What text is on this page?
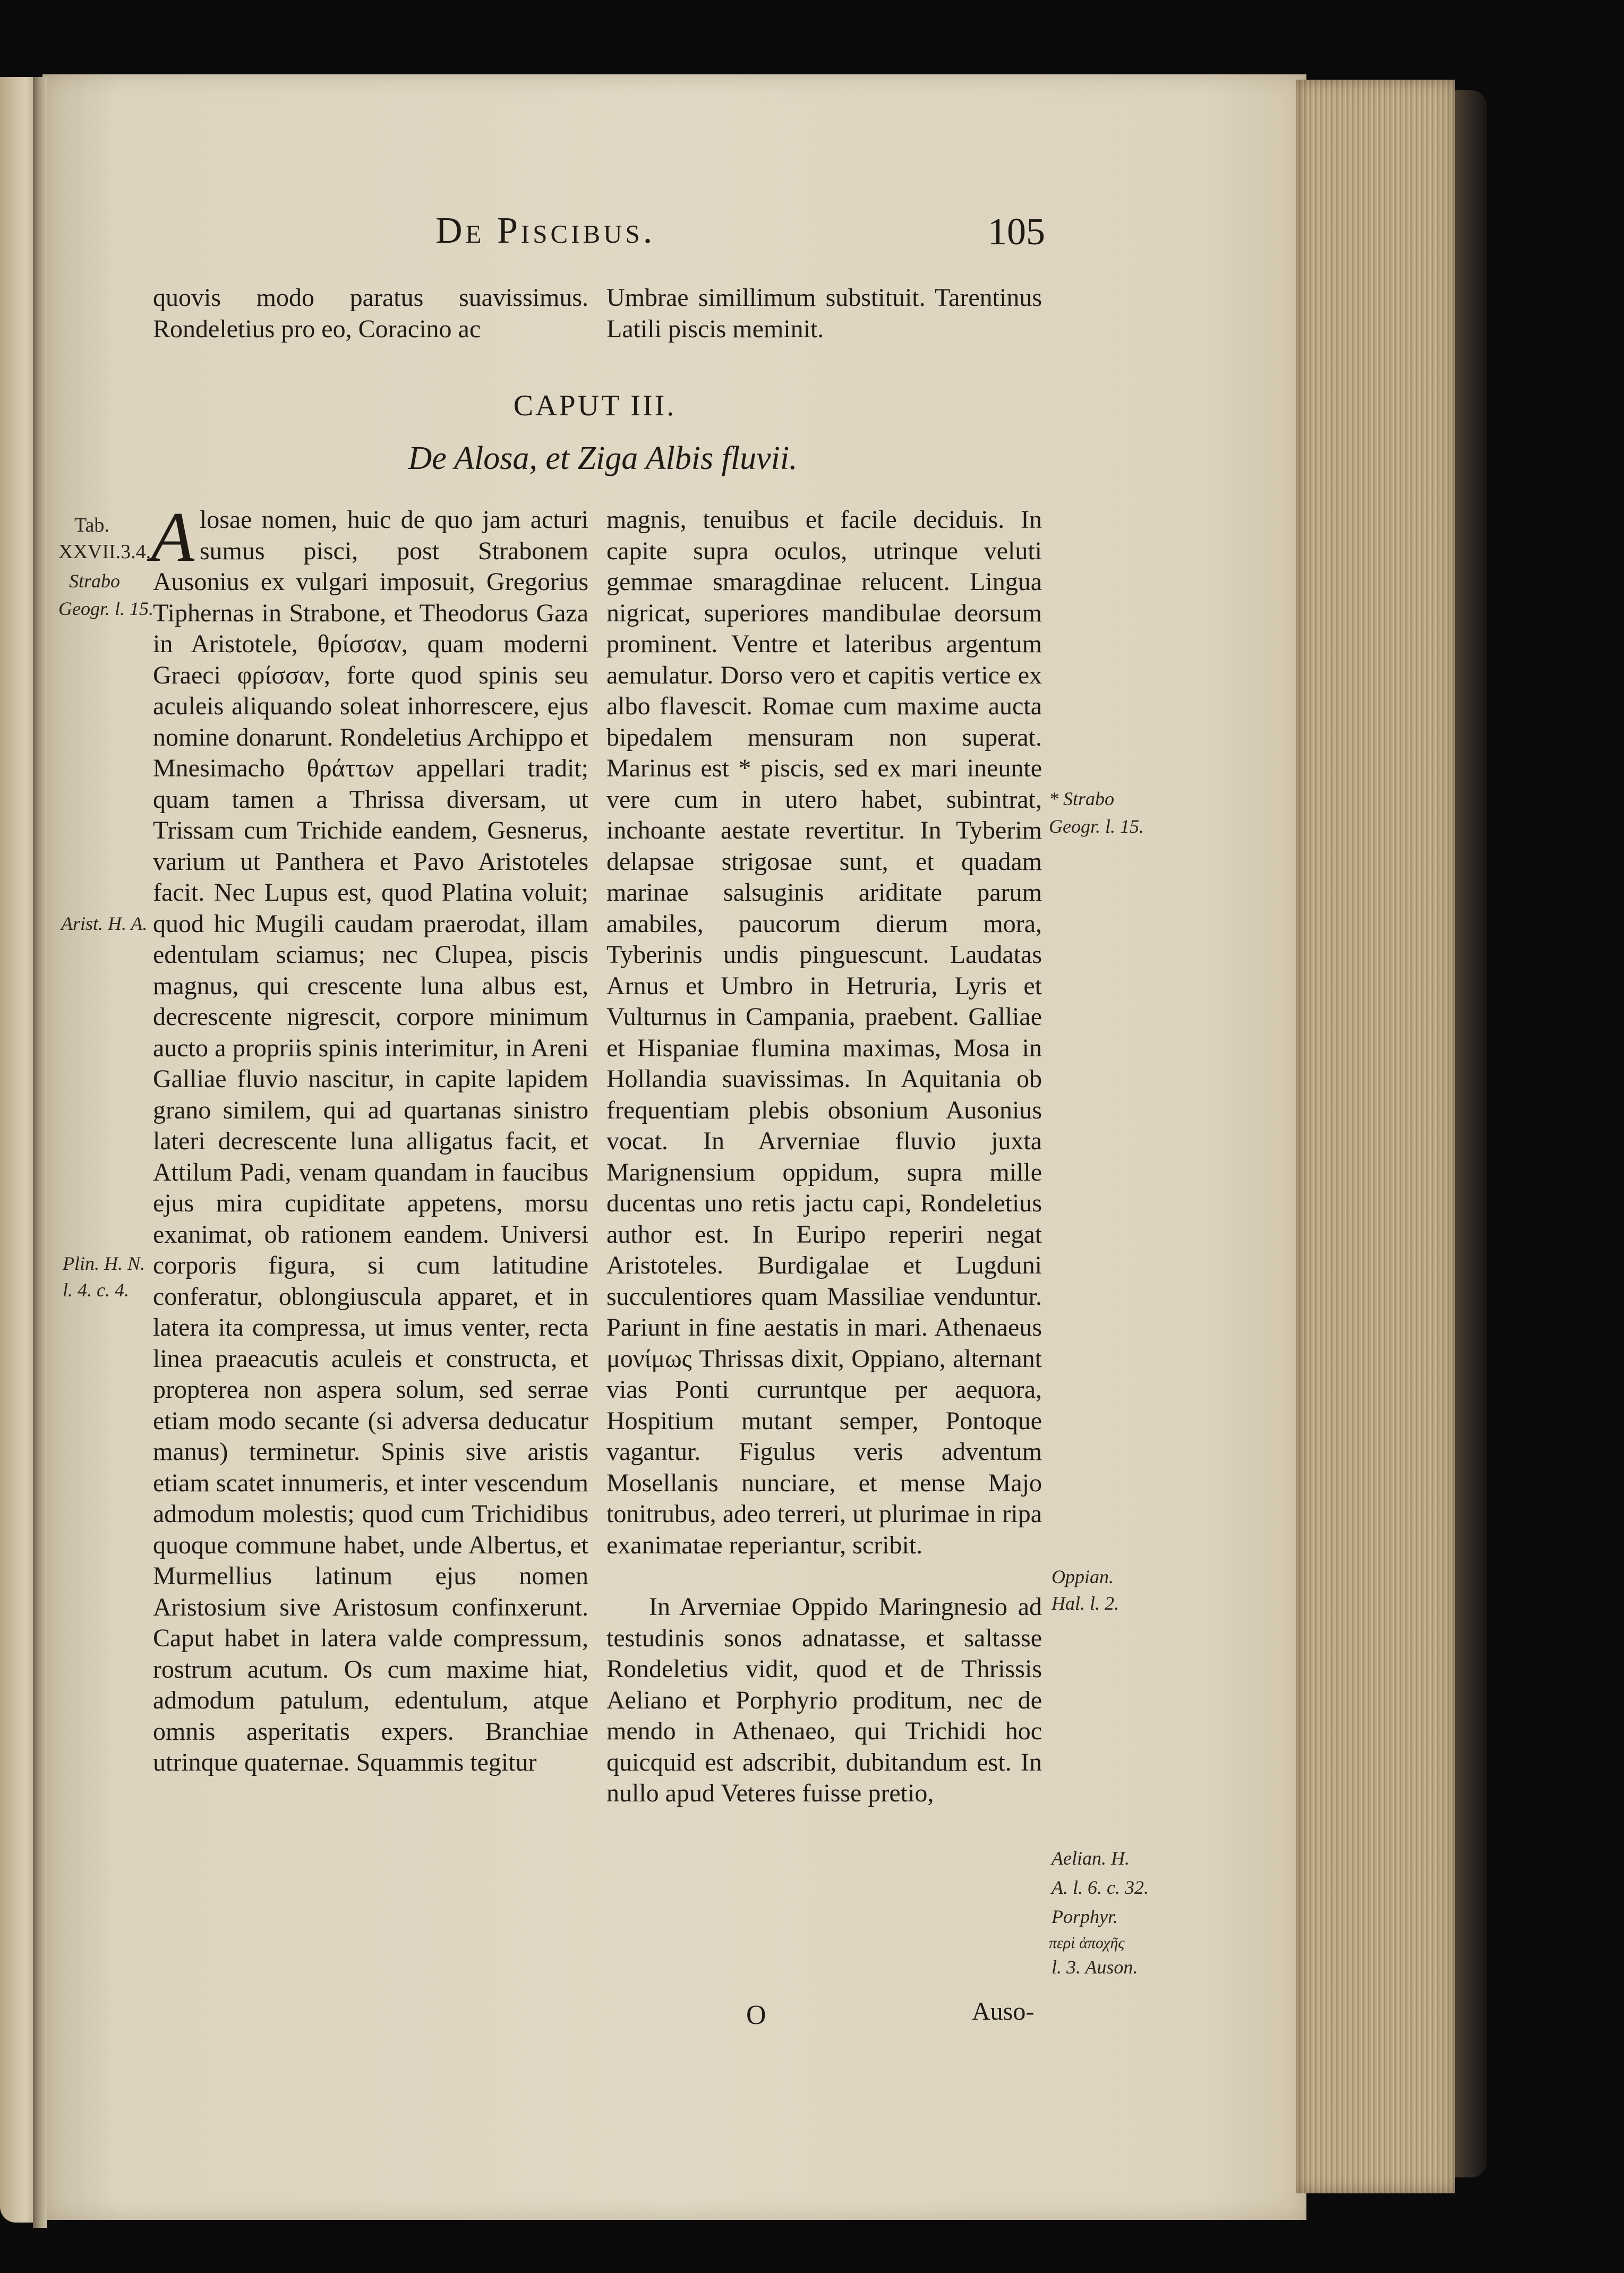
De Piscibus.	105

quovis modo paratus suavissimus. Rondeletius pro eo, Coracino ac

Umbrae simillimum substituit. Tarentinus Latili piscis meminit.

CAPUT III.
De Alosa, et Ziga Albis fluvii.
A losae nomen, huic de quo jam acturi sumus pisci, post Strabonem Ausonius ex vulgari imposuit, Gregorius Tiphernas in Strabone, et Theodorus Gaza in Aristotele, θρίσσαν, quam moderni Graeci φρίσσαν, forte quod spinis seu aculeis aliquando soleat inhorrescere, ejus nomine donarunt. Rondeletius Archippo et Mnesimacho θράττων appellari tradit; quam tamen a Thrissa diversam, ut Trissam cum Trichide eandem, Gesnerus, varium ut Panthera et Pavo Aristoteles facit. Nec Lupus est, quod Platina voluit; quod hic Mugili caudam praerodat, illam edentulam sciamus; nec Clupea, piscis magnus, qui crescente luna albus est, decrescente nigrescit, corpore minimum aucto a propriis spinis interimitur, in Areni Galliae fluvio nascitur, in capite lapidem grano similem, qui ad quartanas sinistro lateri decrescente luna alligatus facit, et Attilum Padi, venam quandam in faucibus ejus mira cupiditate appetens, morsu exanimat, ob rationem eandem. Universi corporis figura, si cum latitudine conferatur, oblongiuscula apparet, et in latera ita compressa, ut imus venter, recta linea praeacutis aculeis et constructa, et propterea non aspera solum, sed serrae etiam modo secante (si adversa deducatur manus) terminetur. Spinis sive aristis etiam scatet innumeris, et inter vescendum admodum molestis; quod cum Trichidibus quoque commune habet, unde Albertus, et Murmellius latinum ejus nomen Aristosium sive Aristosum confinxerunt. Caput habet in latera valde compressum, rostrum acutum. Os cum maxime hiat, admodum patulum, edentulum, atque omnis asperitatis expers. Branchiae utrinque quaternae. Squammis tegitur

magnis, tenuibus et facile deciduis. In capite supra oculos, utrinque veluti gemmae smaragdinae relucent. Lingua nigricat, superiores mandibulae deorsum prominent. Ventre et lateribus argentum aemulatur. Dorso vero et capitis vertice ex albo flavescit. Romae cum maxime aucta bipedalem mensuram non superat. Marinus est * piscis, sed ex mari ineunte vere cum in utero habet, subintrat, inchoante aestate revertitur. In Tyberim delapsae strigosae sunt, et quadam marinae salsuginis ariditate parum amabiles, paucorum dierum mora, Tyberinis undis pinguescunt. Laudatas Arnus et Umbro in Hetruria, Lyris et Vulturnus in Campania, praebent. Galliae et Hispaniae flumina maximas, Mosa in Hollandia suavissimas. In Aquitania ob frequentiam plebis obsonium Ausonius vocat. In Arverniae fluvio juxta Marignensium oppidum, supra mille ducentas uno retis jactu capi, Rondeletius author est. In Euripo reperiri negat Aristoteles. Burdigalae et Lugduni succulentiores quam Massiliae venduntur. Pariunt in fine aestatis in mari. Athenaeus μονίμως Thrissas dixit, Oppiano, alternant vias Ponti curruntque per aequora, Hospitium mutant semper, Pontoque vagantur. Figulus veris adventum Mosellanis nunciare, et mense Majo tonitrubus, adeo terreri, ut plurimae in ripa exanimatae reperiantur, scribit.

In Arverniae Oppido Maringnesio ad testudinis sonos adnatasse, et saltasse Rondeletius vidit, quod et de Thrissis Aeliano et Porphyrio proditum, nec de mendo in Athenaeo, qui Trichidi hoc quicquid est adscribit, dubitandum est. In nullo apud Veteres fuisse pretio,

Tab.
XXVII.3.4.
Strabo
Geogr. l. 15.
Arist. H. A.
Plin. H. N.
l. 4. c. 4.
* Strabo
Geogr. l. 15.
Oppian.
Hal. l. 2.
Aelian. H.
A. l. 6. c. 32.
Porphyr.
περὶ ἀποχῆς
l. 3. Auson.
O	Auso-
